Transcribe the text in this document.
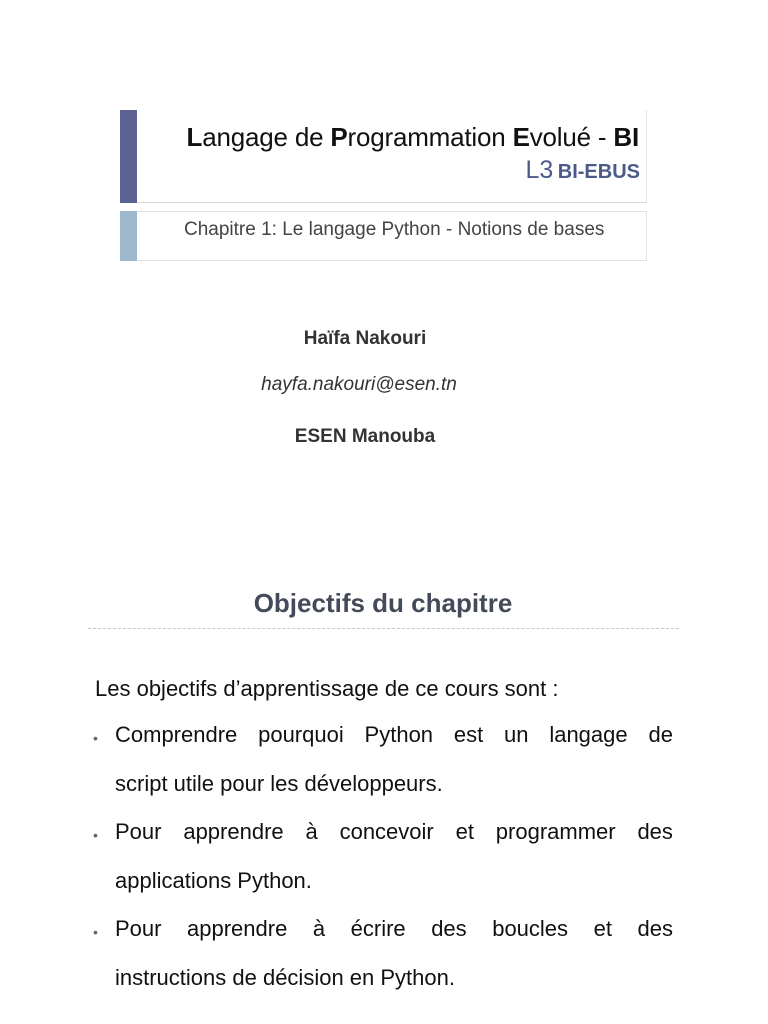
Langage de Programmation Evolué - BI
L3 BI-EBUS
Chapitre 1: Le langage Python - Notions de bases
Haïfa Nakouri
hayfa.nakouri@esen.tn
ESEN Manouba
Objectifs du chapitre
Les objectifs d’apprentissage de ce cours sont :
• Comprendre pourquoi Python est un langage de
script utile pour les développeurs.
• Pour apprendre à concevoir et programmer des
applications Python.
• Pour apprendre à écrire des boucles et des
instructions de décision en Python.
